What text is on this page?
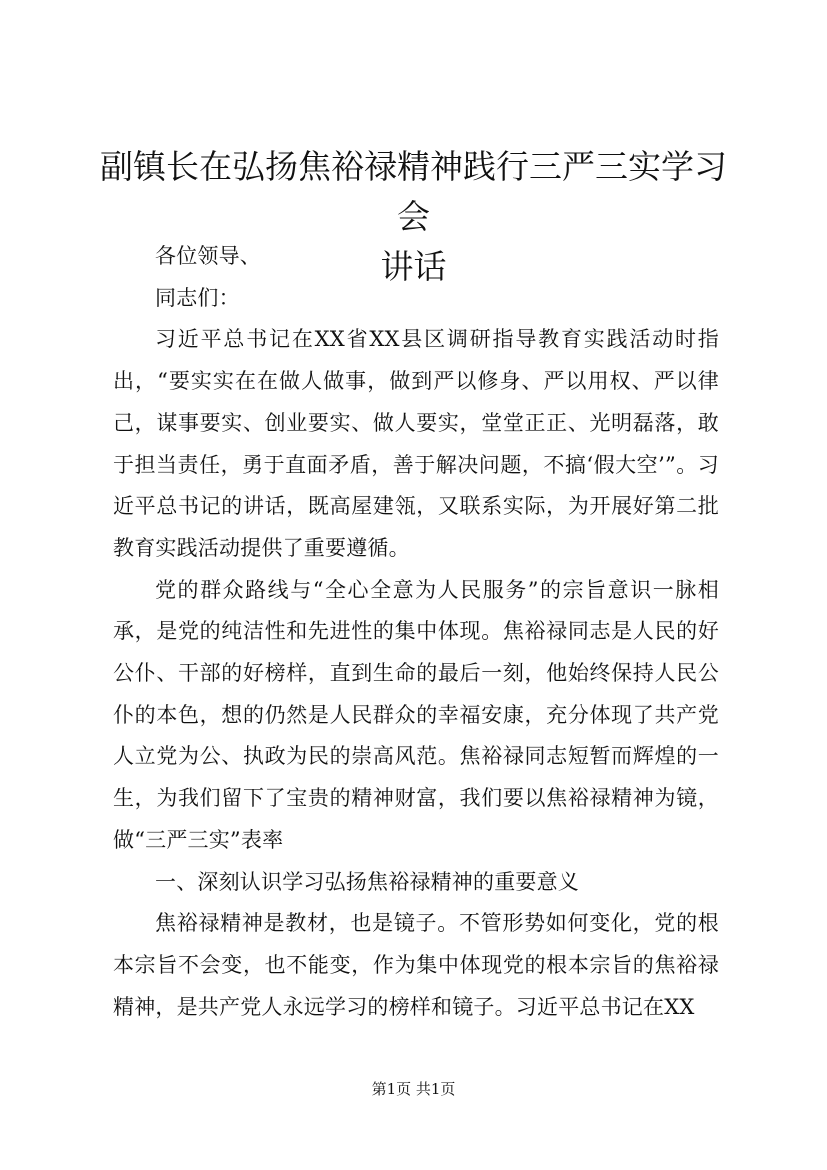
副镇长在弘扬焦裕禄精神践行三严三实学习会
讲话

各位领导、

同志们：

习近平总书记在XX省XX县区调研指导教育实践活动时指出，“要实实在在做人做事，做到严以修身、严以用权、严以律己，谋事要实、创业要实、做人要实，堂堂正正、光明磊落，敢于担当责任，勇于直面矛盾，善于解决问题，不搞‘假大空’”。习近平总书记的讲话，既高屋建瓴，又联系实际，为开展好第二批教育实践活动提供了重要遵循。

党的群众路线与“全心全意为人民服务”的宗旨意识一脉相承，是党的纯洁性和先进性的集中体现。焦裕禄同志是人民的好公仆、干部的好榜样，直到生命的最后一刻，他始终保持人民公仆的本色，想的仍然是人民群众的幸福安康，充分体现了共产党人立党为公、执政为民的崇高风范。焦裕禄同志短暂而辉煌的一生，为我们留下了宝贵的精神财富，我们要以焦裕禄精神为镜，做“三严三实”表率

一、深刻认识学习弘扬焦裕禄精神的重要意义

焦裕禄精神是教材，也是镜子。不管形势如何变化，党的根本宗旨不会变，也不能变，作为集中体现党的根本宗旨的焦裕禄精神，是共产党人永远学习的榜样和镜子。习近平总书记在XX

第1页 共1页
